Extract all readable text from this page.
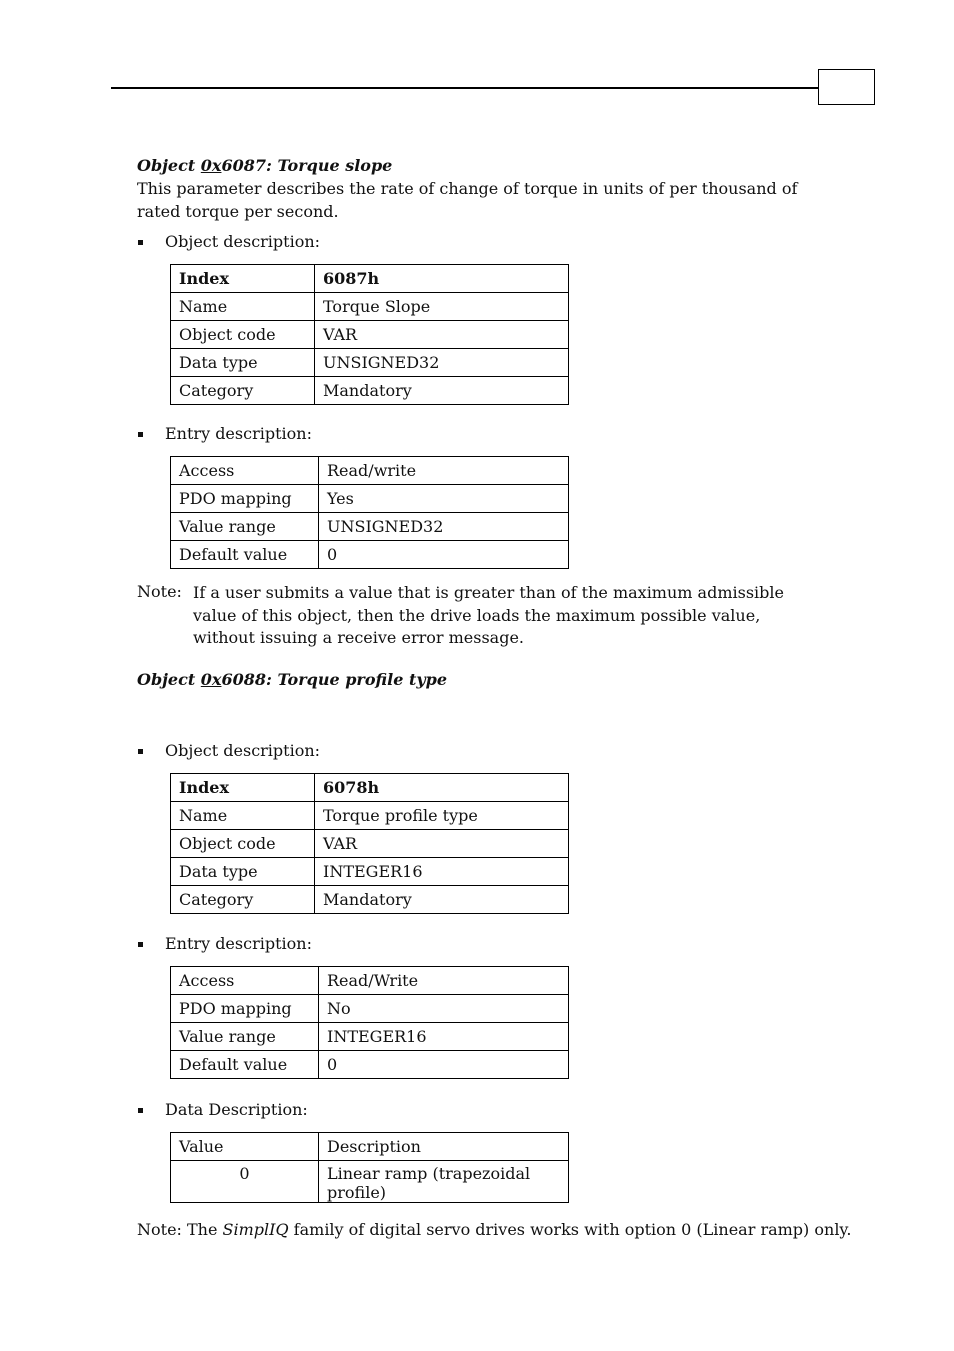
Object 0x6087: Torque slope
This parameter describes the rate of change of torque in units of per thousand of rated torque per second.
Object description:
Index	6087h
Name	Torque Slope
Object code	VAR
Data type	UNSIGNED32
Category	Mandatory
Entry description:
Access	Read/write
PDO mapping	Yes
Value range	UNSIGNED32
Default value	0
Note: If a user submits a value that is greater than of the maximum admissible value of this object, then the drive loads the maximum possible value, without issuing a receive error message.
Object 0x6088: Torque profile type
Object description:
Index	6078h
Name	Torque profile type
Object code	VAR
Data type	INTEGER16
Category	Mandatory
Entry description:
Access	Read/Write
PDO mapping	No
Value range	INTEGER16
Default value	0
Data Description:
Value	Description
0	Linear ramp (trapezoidal profile)
Note: The SimplIQ family of digital servo drives works with option 0 (Linear ramp) only.
